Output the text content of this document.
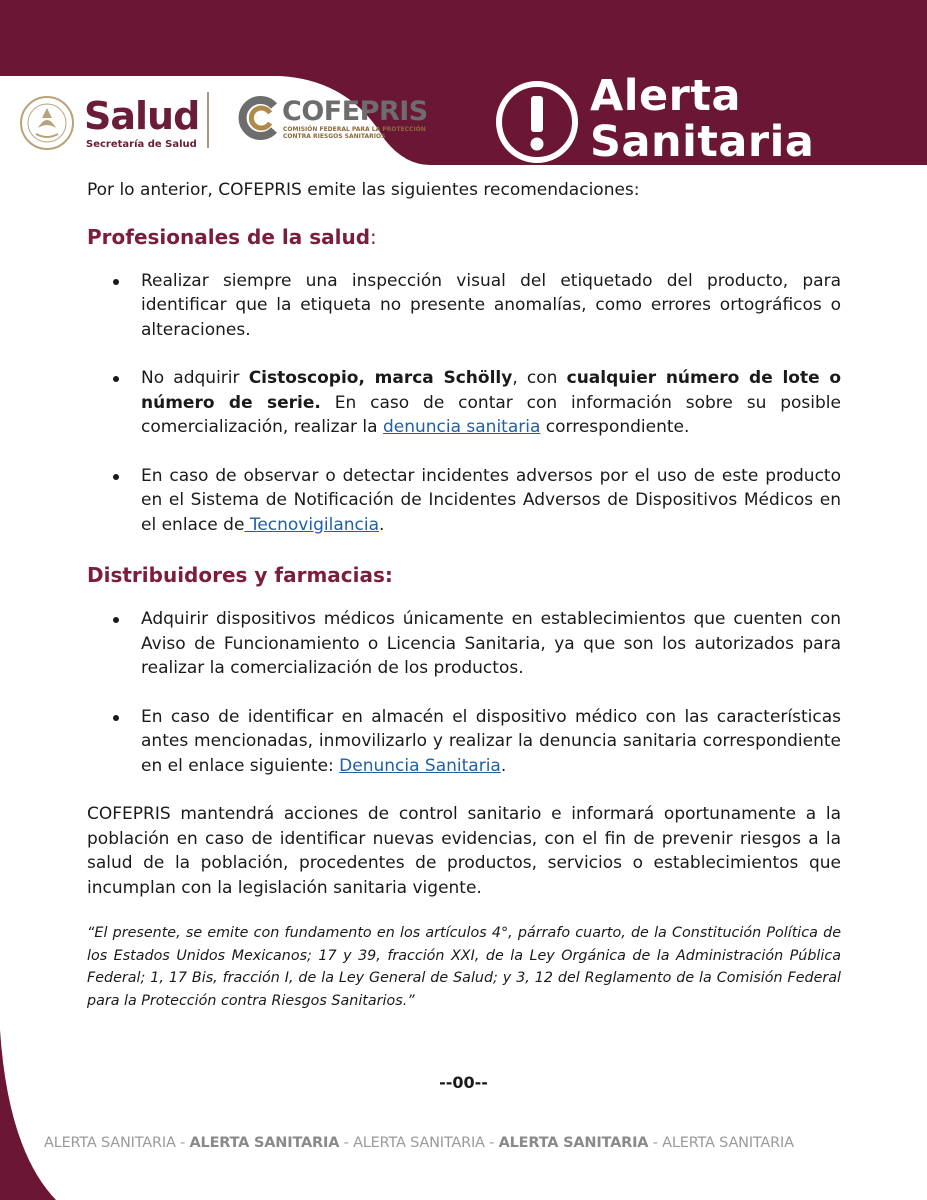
Salud
Secretaría de Salud
COFEPRIS
COMISIÓN FEDERAL PARA LA PROTECCIÓN CONTRA RIESGOS SANITARIOS
Alerta
Sanitaria

Por lo anterior, COFEPRIS emite las siguientes recomendaciones:

Profesionales de la salud:
Realizar siempre una inspección visual del etiquetado del producto, para identificar que la etiqueta no presente anomalías, como errores ortográficos o alteraciones.
No adquirir Cistoscopio, marca Schölly, con cualquier número de lote o número de serie. En caso de contar con información sobre su posible comercialización, realizar la denuncia sanitaria correspondiente.
En caso de observar o detectar incidentes adversos por el uso de este producto en el Sistema de Notificación de Incidentes Adversos de Dispositivos Médicos en el enlace de Tecnovigilancia.
Distribuidores y farmacias:
Adquirir dispositivos médicos únicamente en establecimientos que cuenten con Aviso de Funcionamiento o Licencia Sanitaria, ya que son los autorizados para realizar la comercialización de los productos.
En caso de identificar en almacén el dispositivo médico con las características antes mencionadas, inmovilizarlo y realizar la denuncia sanitaria correspondiente en el enlace siguiente: Denuncia Sanitaria.

COFEPRIS mantendrá acciones de control sanitario e informará oportunamente a la población en caso de identificar nuevas evidencias, con el fin de prevenir riesgos a la salud de la población, procedentes de productos, servicios o establecimientos que incumplan con la legislación sanitaria vigente.

“El presente, se emite con fundamento en los artículos 4°, párrafo cuarto, de la Constitución Política de los Estados Unidos Mexicanos; 17 y 39, fracción XXI, de la Ley Orgánica de la Administración Pública Federal; 1, 17 Bis, fracción I, de la Ley General de Salud; y 3, 12 del Reglamento de la Comisión Federal para la Protección contra Riesgos Sanitarios.”

--00--
ALERTA SANITARIA - ALERTA SANITARIA - ALERTA SANITARIA - ALERTA SANITARIA - ALERTA SANITARIA
